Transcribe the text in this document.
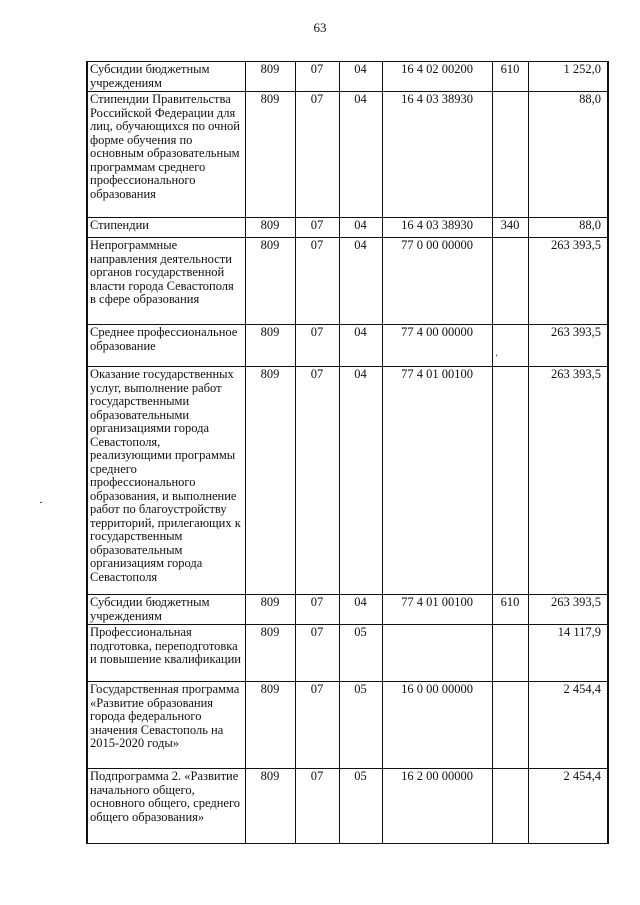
63
Субсидии бюджетным учреждениям	809	07	04	16 4 02 00200	610	1 252,0
Стипендии Правительства Российской Федерации для лиц, обучающихся по очной форме обучения по основным образовательным программам среднего профессионального образования	809	07	04	16 4 03 38930		88,0
Стипендии	809	07	04	16 4 03 38930	340	88,0
Непрограммные направления деятельности органов государственной власти города Севастополя в сфере образования	809	07	04	77 0 00 00000		263 393,5
Среднее профессиональное образование	809	07	04	77 4 00 00000		263 393,5
Оказание государственных услуг, выполнение работ государственными образовательными организациями города Севастополя, реализующими программы среднего профессионального образования, и выполнение работ по благоустройству территорий, прилегающих к государственным образовательным организациям города Севастополя	809	07	04	77 4 01 00100		263 393,5
Субсидии бюджетным учреждениям	809	07	04	77 4 01 00100	610	263 393,5
Профессиональная подготовка, переподготовка и повышение квалификации	809	07	05			14 117,9
Государственная программа «Развитие образования города федерального значения Севастополь на 2015-2020 годы»	809	07	05	16 0 00 00000		2 454,4
Подпрограмма 2. «Развитие начального общего, основного общего, среднего общего образования»	809	07	05	16 2 00 00000		2 454,4
ʼ
